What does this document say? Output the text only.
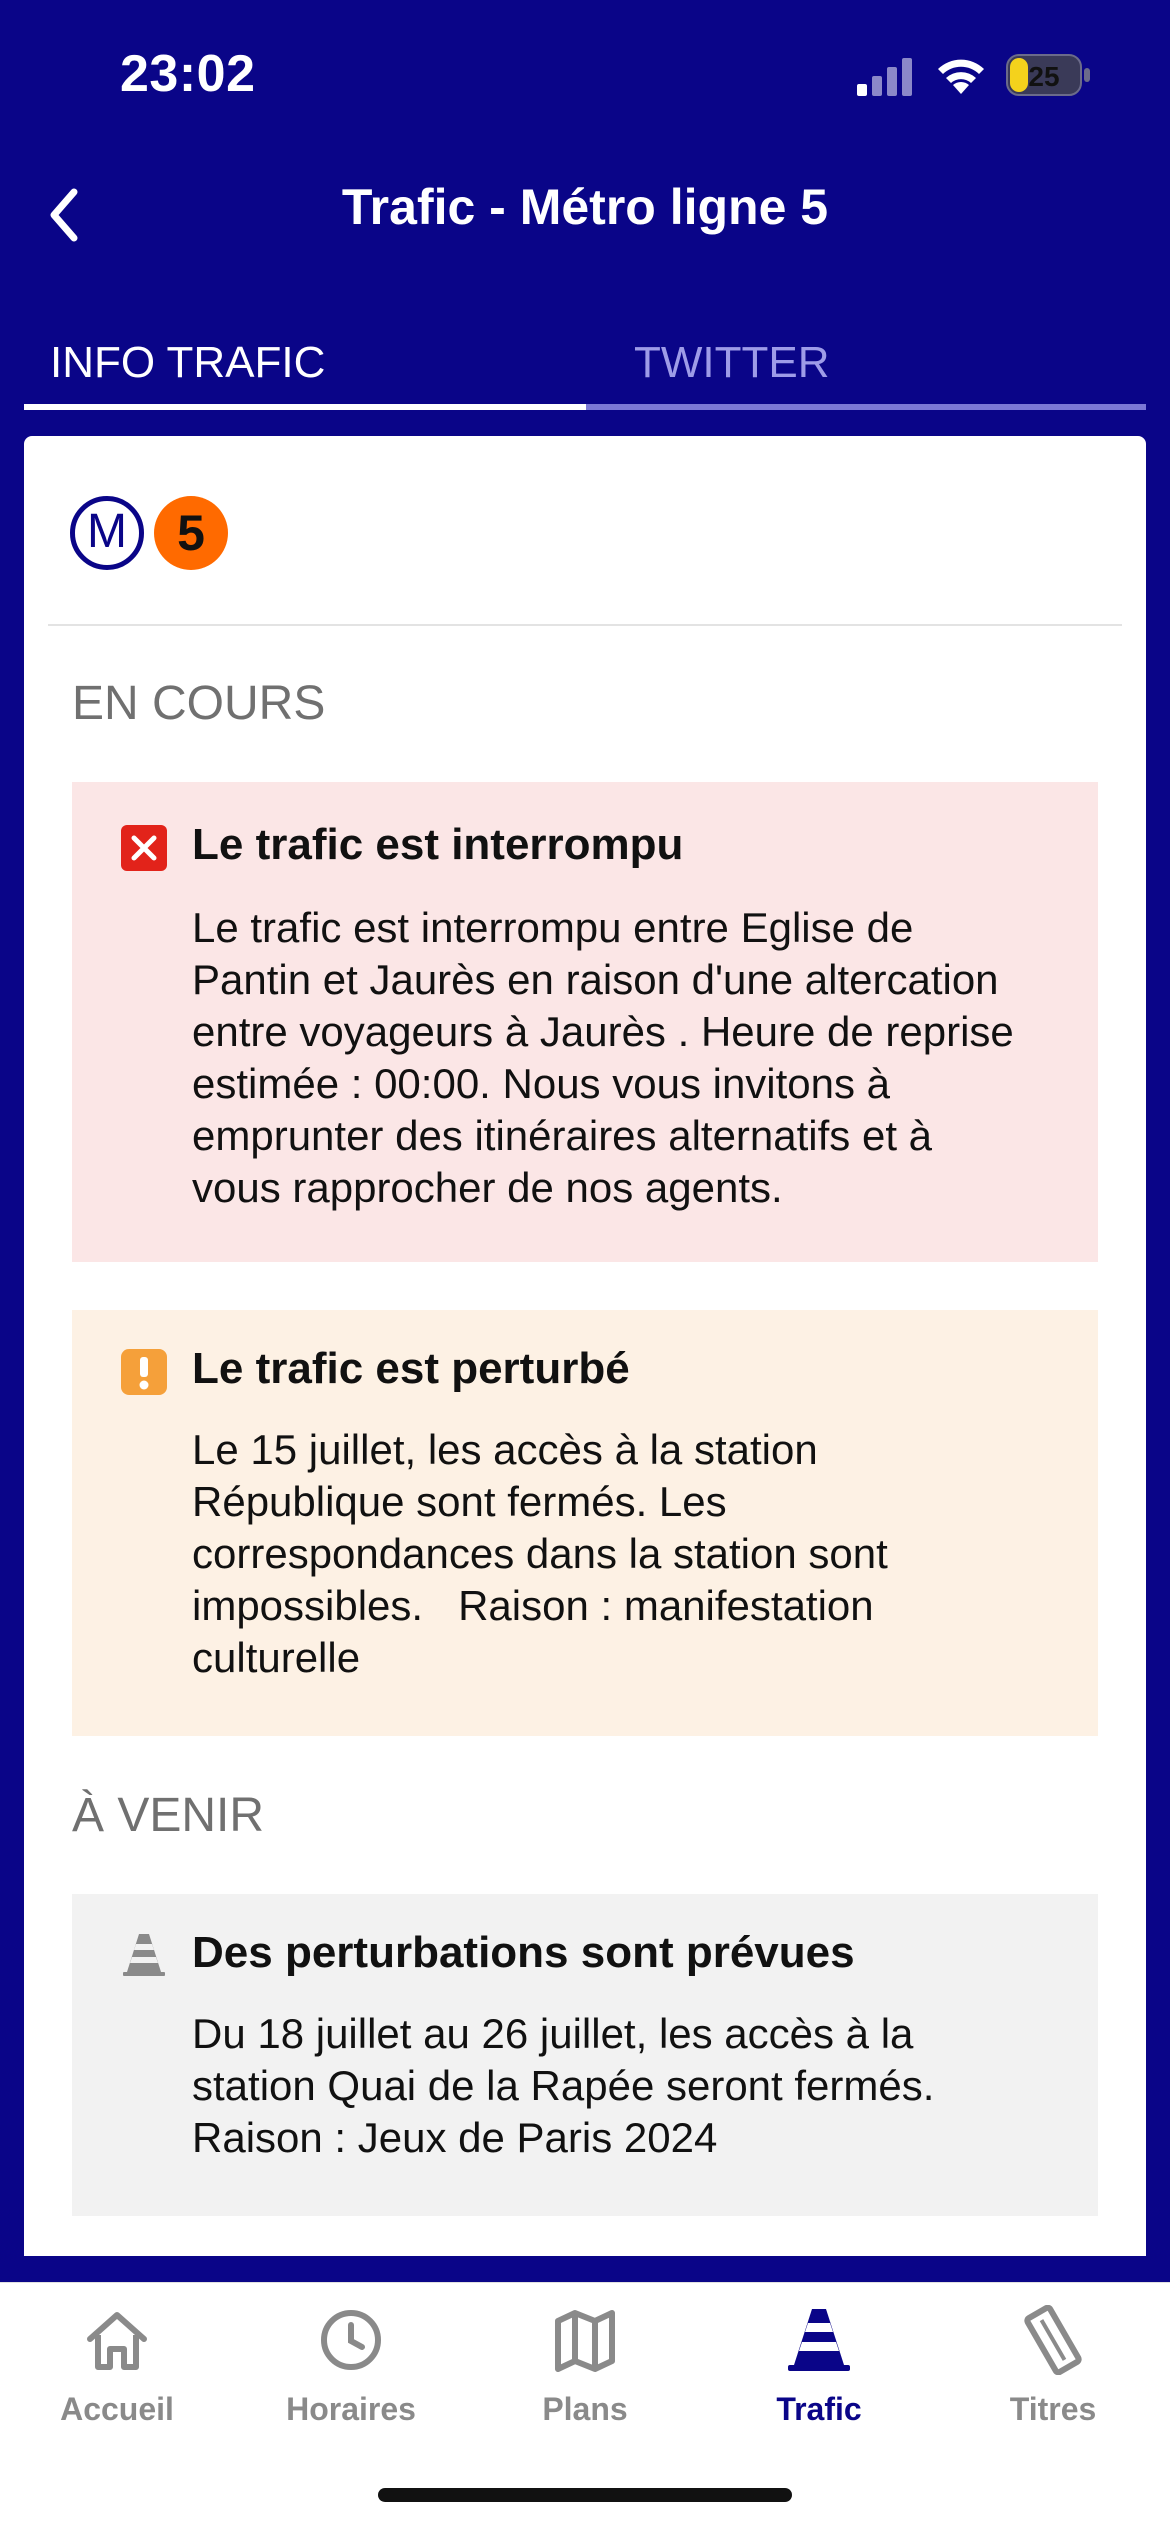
23:02	25
Trafic - Métro ligne 5
INFO TRAFIC	TWITTER
M	5
EN COURS
Le trafic est interrompu
Le trafic est interrompu entre Eglise de
Pantin et Jaurès en raison d'une altercation
entre voyageurs à Jaurès . Heure de reprise
estimée : 00:00. Nous vous invitons à
emprunter des itinéraires alternatifs et à
vous rapprocher de nos agents.
Le trafic est perturbé
Le 15 juillet, les accès à la station
République sont fermés. Les
correspondances dans la station sont
impossibles.   Raison : manifestation
culturelle
À VENIR
Des perturbations sont prévues
Du 18 juillet au 26 juillet, les accès à la
station Quai de la Rapée seront fermés.
Raison : Jeux de Paris 2024
Accueil	Horaires	Plans	Trafic	Titres
